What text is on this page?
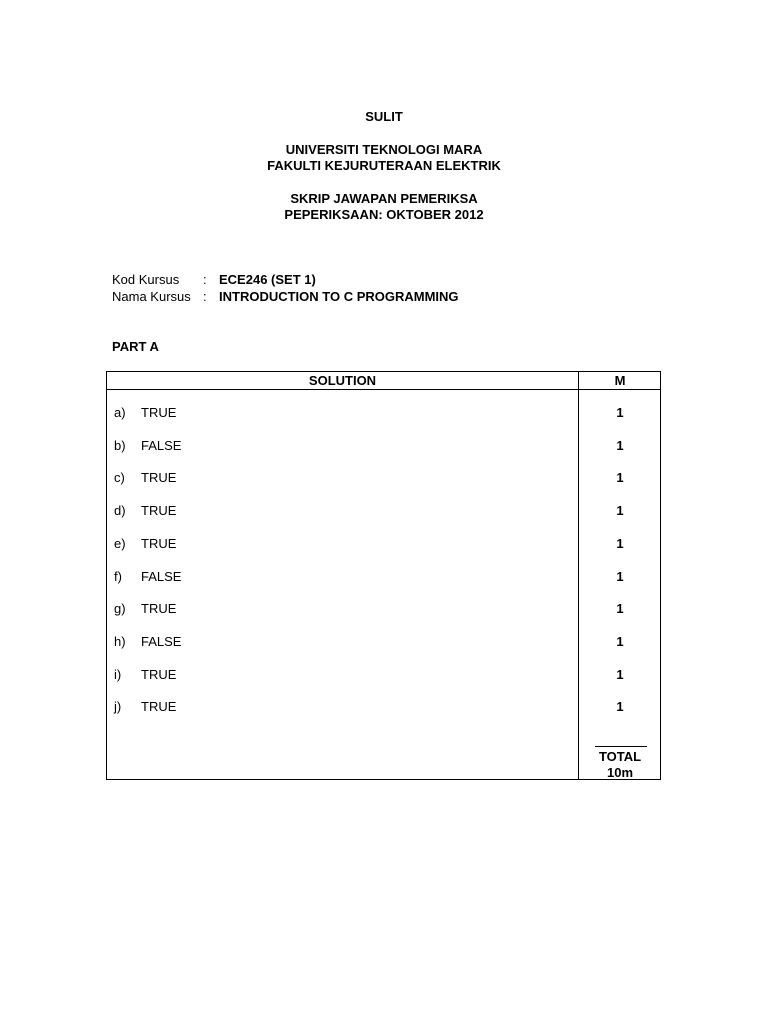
SULIT
UNIVERSITI TEKNOLOGI MARA
FAKULTI KEJURUTERAAN ELEKTRIK
SKRIP JAWAPAN PEMERIKSA
PEPERIKSAAN: OKTOBER 2012
Kod Kursus : ECE246 (SET 1)
Nama Kursus : INTRODUCTION TO C PROGRAMMING
PART A
SOLUTION	M
a) TRUE	1
b) FALSE	1
c) TRUE	1
d) TRUE	1
e) TRUE	1
f) FALSE	1
g) TRUE	1
h) FALSE	1
i) TRUE	1
j) TRUE	1
TOTAL
10m
